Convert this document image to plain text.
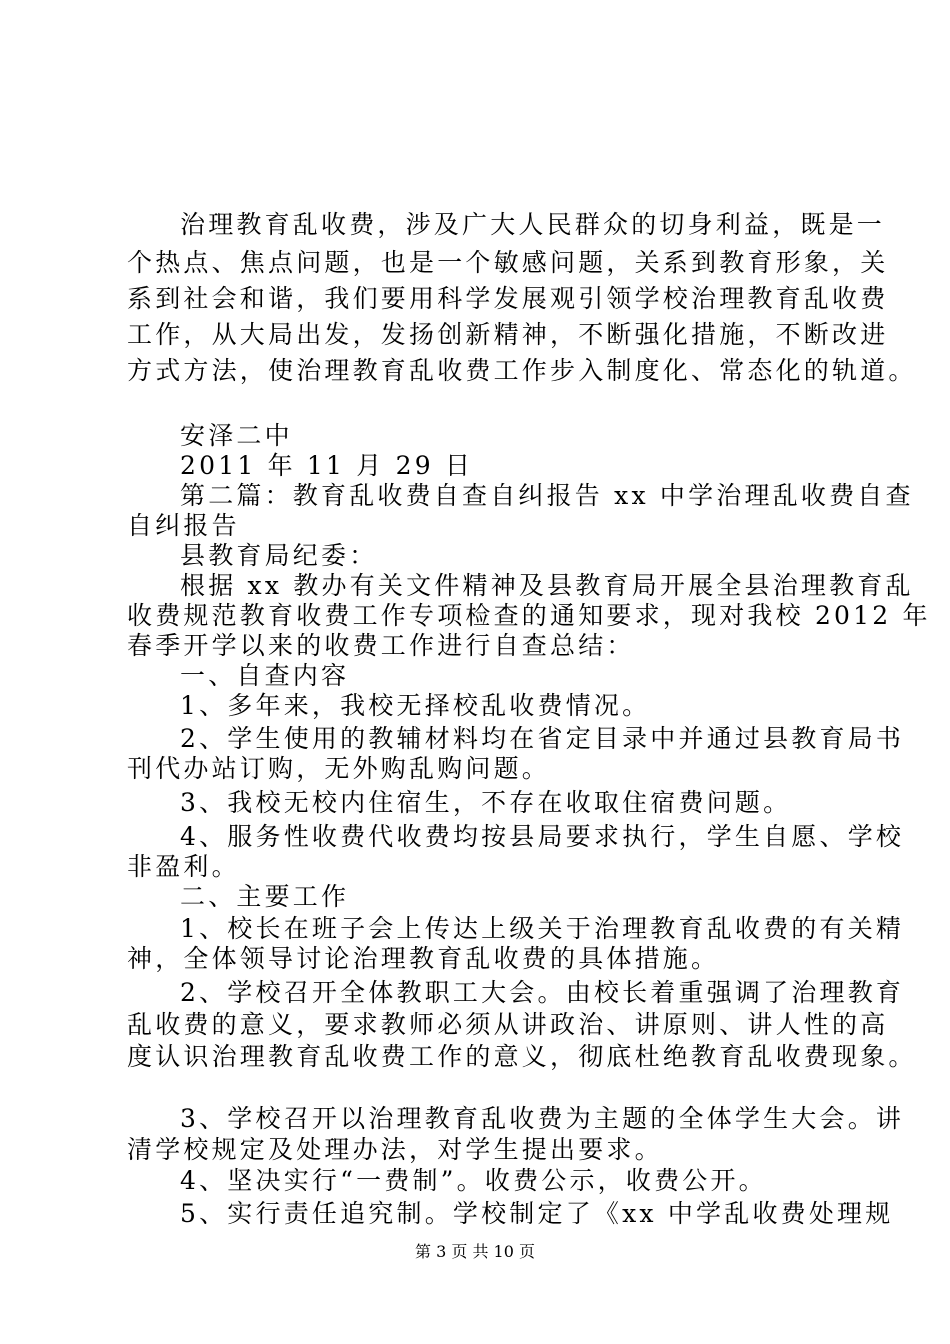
治理教育乱收费，涉及广大人民群众的切身利益，既是一
个热点、焦点问题，也是一个敏感问题，关系到教育形象，关
系到社会和谐，我们要用科学发展观引领学校治理教育乱收费
工作，从大局出发，发扬创新精神，不断强化措施，不断改进
方式方法，使治理教育乱收费工作步入制度化、常态化的轨道。
安泽二中
2011 年 11 月 29 日
第二篇：教育乱收费自查自纠报告 xx 中学治理乱收费自查
自纠报告
县教育局纪委：
根据 xx 教办有关文件精神及县教育局开展全县治理教育乱
收费规范教育收费工作专项检查的通知要求，现对我校 2012 年
春季开学以来的收费工作进行自查总结：
一、自查内容
1、多年来，我校无择校乱收费情况。
2、学生使用的教辅材料均在省定目录中并通过县教育局书
刊代办站订购，无外购乱购问题。
3、我校无校内住宿生，不存在收取住宿费问题。
4、服务性收费代收费均按县局要求执行，学生自愿、学校
非盈利。
二、主要工作
1、校长在班子会上传达上级关于治理教育乱收费的有关精
神，全体领导讨论治理教育乱收费的具体措施。
2、学校召开全体教职工大会。由校长着重强调了治理教育
乱收费的意义，要求教师必须从讲政治、讲原则、讲人性的高
度认识治理教育乱收费工作的意义，彻底杜绝教育乱收费现象。
3、学校召开以治理教育乱收费为主题的全体学生大会。讲
清学校规定及处理办法，对学生提出要求。
4、坚决实行“一费制”。收费公示，收费公开。
5、实行责任追究制。学校制定了《xx 中学乱收费处理规
第 3 页 共 10 页
